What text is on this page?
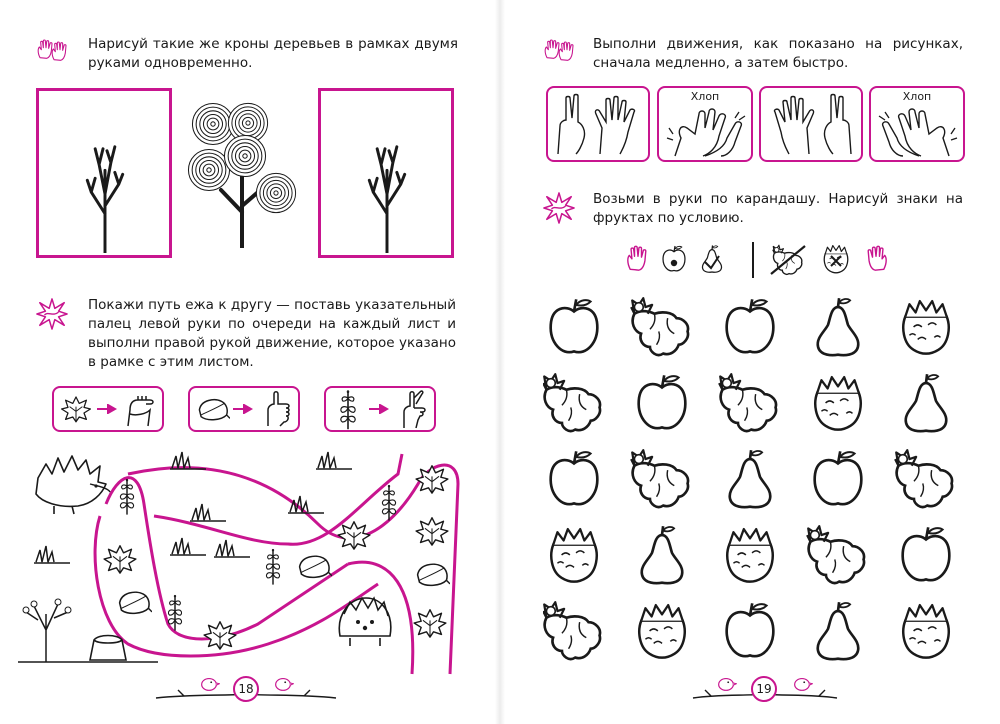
Нарисуй такие же кроны деревьев в рамках двумя руками одновременно.
Покажи путь ежа к другу — поставь указательный палец левой руки по очереди на каждый лист и выполни правой рукой движение, которое указано в рамке с этим листом.
18
Выполни движения, как показано на рисунках, сначала медленно, а затем быстро.
Хлоп	Хлоп
Возьми в руки по карандашу. Нарисуй знаки на фруктах по условию.
19
